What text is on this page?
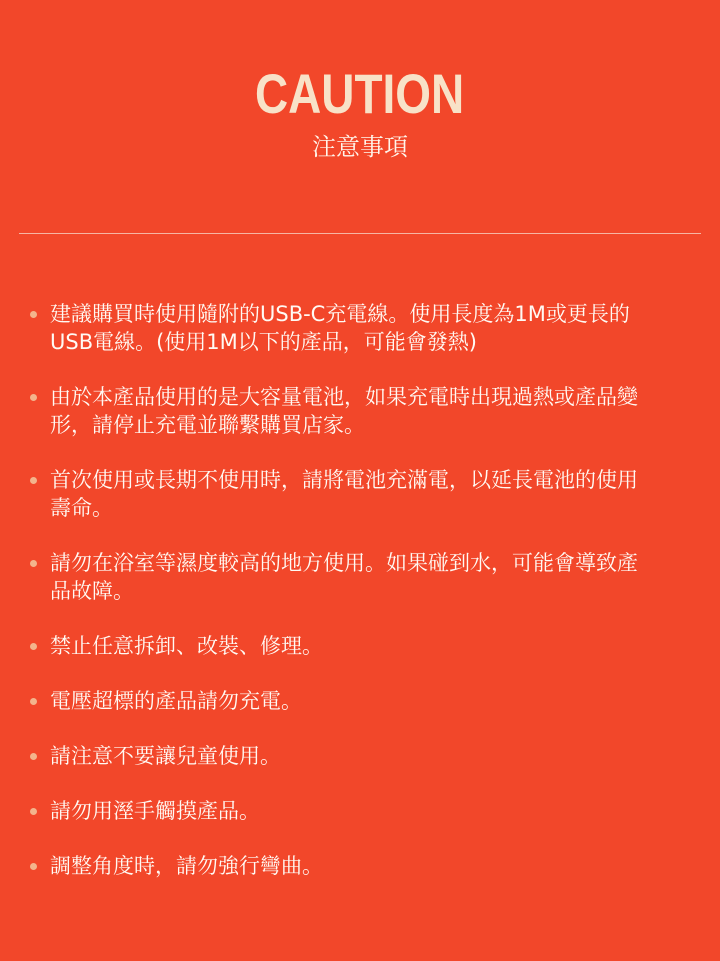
CAUTION
注意事項
建議購買時使用隨附的USB-C充電線。使用長度為1M或更長的USB電線。(使用1M以下的產品，可能會發熱)
由於本產品使用的是大容量電池，如果充電時出現過熱或產品變形，請停止充電並聯繫購買店家。
首次使用或長期不使用時，請將電池充滿電，以延長電池的使用壽命。
請勿在浴室等濕度較高的地方使用。如果碰到水，可能會導致產品故障。
禁止任意拆卸、改裝、修理。
電壓超標的產品請勿充電。
請注意不要讓兒童使用。
請勿用溼手觸摸產品。
調整角度時，請勿強行彎曲。
